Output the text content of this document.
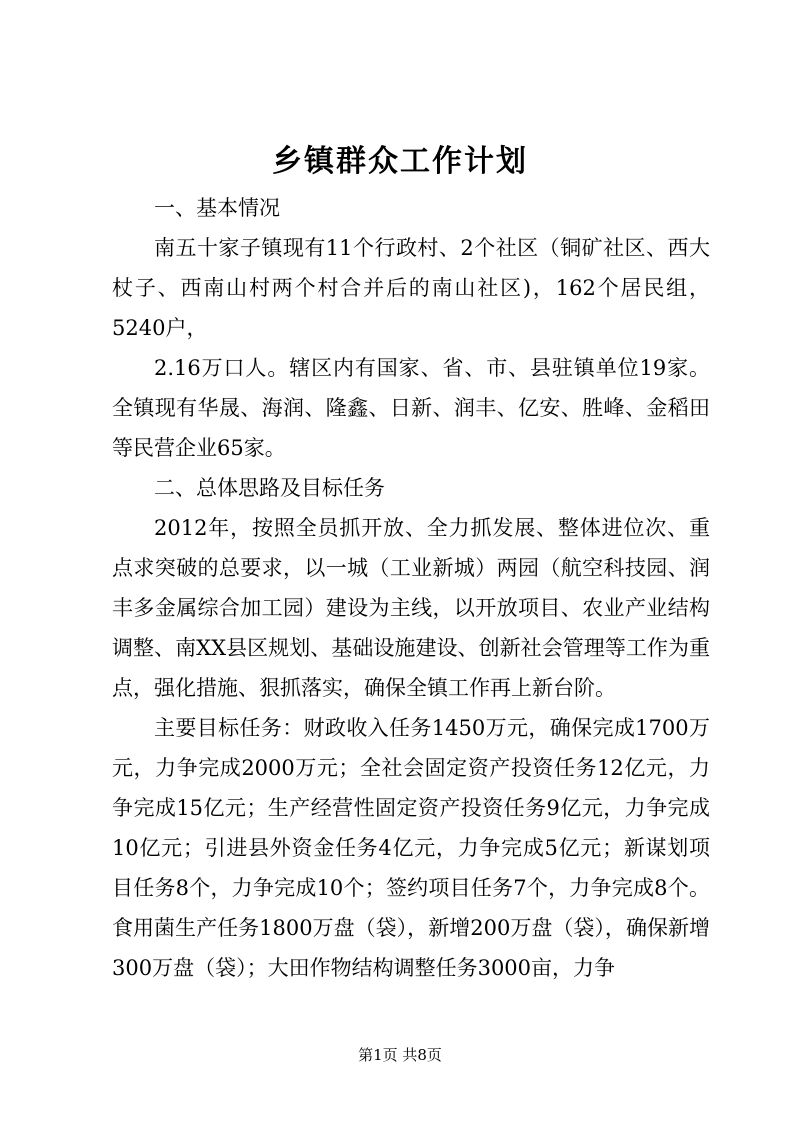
乡镇群众工作计划

一、基本情况

南五十家子镇现有11个行政村、2个社区（铜矿社区、西大杖子、西南山村两个村合并后的南山社区)，162个居民组，5240户，

2.16万口人。辖区内有国家、省、市、县驻镇单位19家。全镇现有华晟、海润、隆鑫、日新、润丰、亿安、胜峰、金稻田等民营企业65家。

二、总体思路及目标任务

2012年，按照全员抓开放、全力抓发展、整体进位次、重点求突破的总要求，以一城（工业新城）两园（航空科技园、润丰多金属综合加工园）建设为主线，以开放项目、农业产业结构调整、南XX县区规划、基础设施建设、创新社会管理等工作为重点，强化措施、狠抓落实，确保全镇工作再上新台阶。

主要目标任务：财政收入任务1450万元，确保完成1700万元，力争完成2000万元；全社会固定资产投资任务12亿元，力争完成15亿元；生产经营性固定资产投资任务9亿元，力争完成10亿元；引进县外资金任务4亿元，力争完成5亿元；新谋划项目任务8个，力争完成10个；签约项目任务7个，力争完成8个。食用菌生产任务1800万盘（袋），新增200万盘（袋），确保新增300万盘（袋）；大田作物结构调整任务3000亩，力争

第1页 共8页
